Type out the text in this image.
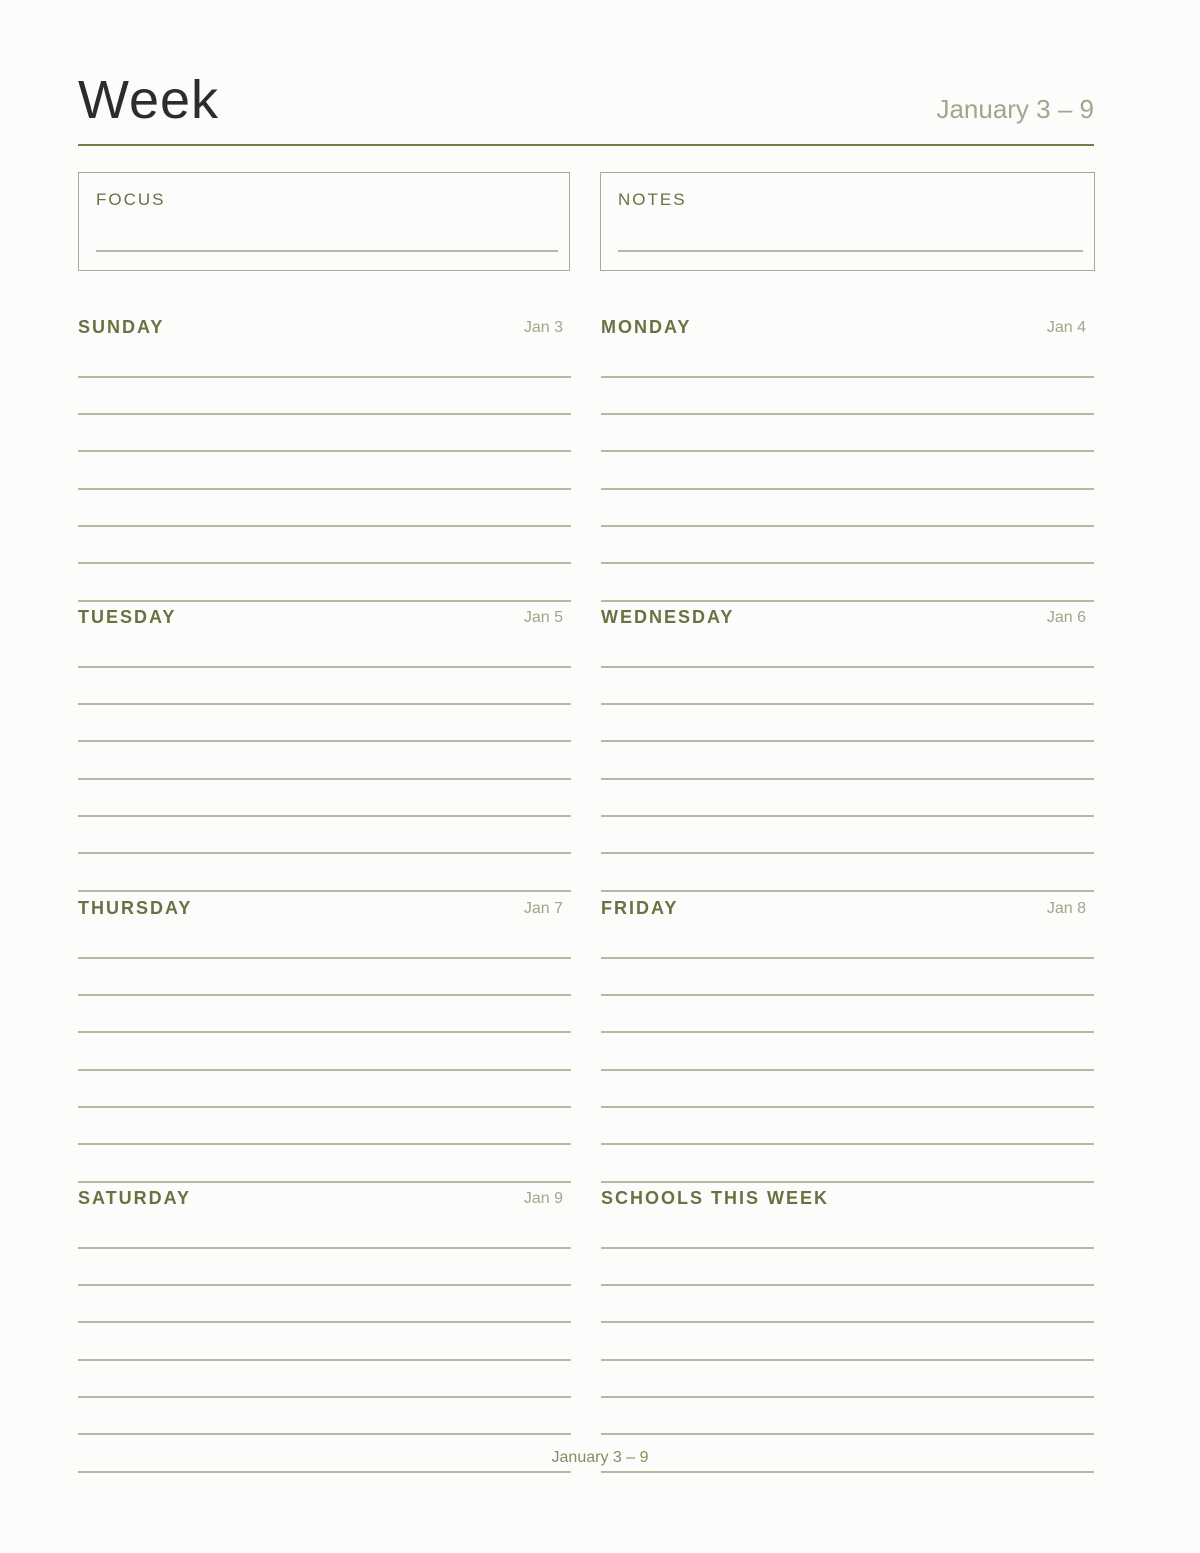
Week	January 3 – 9
FOCUS	NOTES
SUNDAY	Jan 3 MONDAY	Jan 4
TUESDAY	Jan 5 WEDNESDAY	Jan 6
THURSDAY	Jan 7 FRIDAY	Jan 8
SATURDAY	Jan 9 SCHOOLS THIS WEEK
January 3 – 9
